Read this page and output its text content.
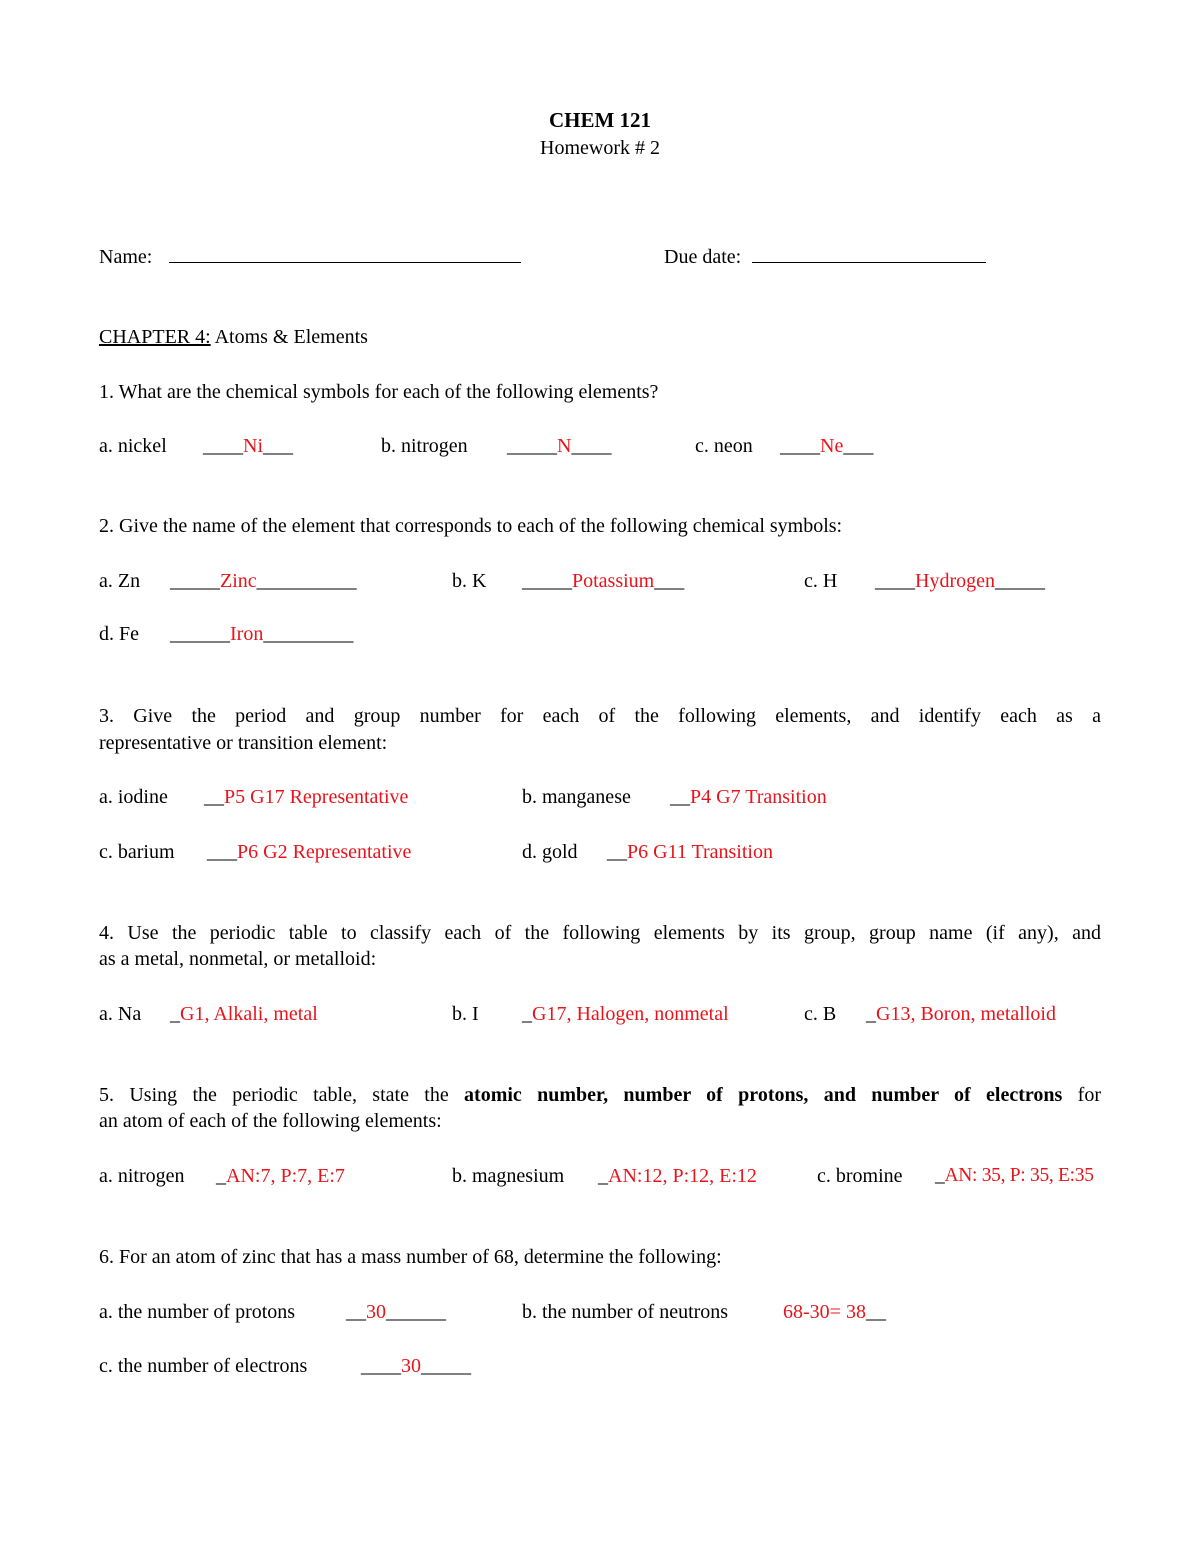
CHEM 121
Homework # 2
Name:	Due date:
CHAPTER 4: Atoms & Elements
1. What are the chemical symbols for each of the following elements?
a. nickel ____Ni___	b. nitrogen _____N____	c. neon ____Ne___
2. Give the name of the element that corresponds to each of the following chemical symbols:
a. Zn _____Zinc__________	b. K _____Potassium___	c. H ____Hydrogen_____
d. Fe ______Iron_________
3. Give the period and group number for each of the following elements, and identify each as a
representative or transition element:
a. iodine __P5 G17 Representative	b. manganese __P4 G7 Transition
c. barium ___P6 G2 Representative	d. gold __P6 G11 Transition
4. Use the periodic table to classify each of the following elements by its group, group name (if any), and
as a metal, nonmetal, or metalloid:
a. Na _G1, Alkali, metal	b. I _G17, Halogen, nonmetal	c. B _G13, Boron, metalloid
5. Using the periodic table, state the atomic number, number of protons, and number of electrons for
an atom of each of the following elements:
a. nitrogen _AN:7, P:7, E:7	b. magnesium _AN:12, P:12, E:12	c. bromine _AN: 35, P: 35, E:35
6. For an atom of zinc that has a mass number of 68, determine the following:
a. the number of protons	__30______	b. the number of neutrons	68-30= 38__
c. the number of electrons	____30_____
